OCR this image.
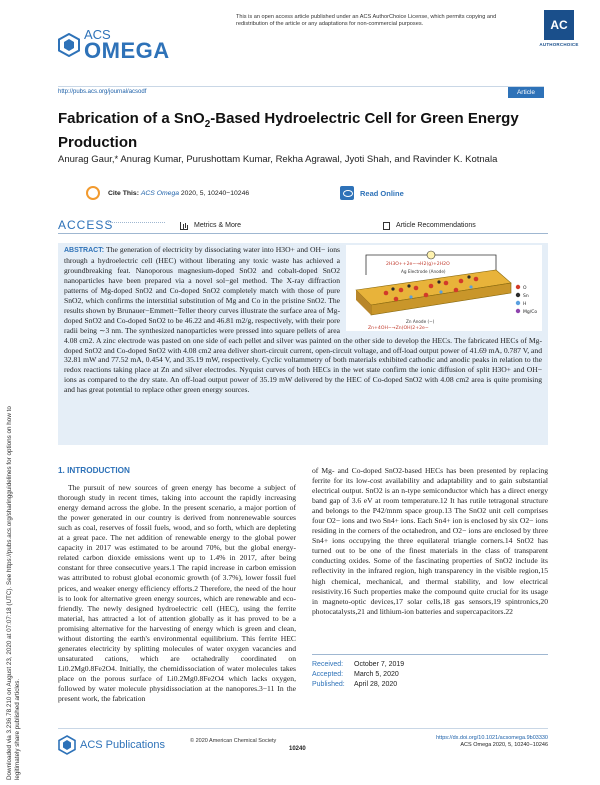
This is an open access article published under an ACS AuthorChoice License, which permits copying and redistribution of the article or any adaptations for non-commercial purposes.	AC
AUTHORCHOICE
ACS
OMEGA
http://pubs.acs.org/journal/acsodf	Article
Fabrication of a SnO$_2$-Based Hydroelectric Cell for Green Energy Production
Anurag Gaur,* Anurag Kumar, Purushottam Kumar, Rekha Agrawal, Jyoti Shah, and Ravinder K. Kotnala
Cite This: ACS Omega 2020, 5, 10240−10246	Read Online
ACCESS	Metrics & More	Article Recommendations
Downloaded via 3.236.78.210 on August 23, 2020 at 07:07:18 (UTC). See https://pubs.acs.org/sharingguidelines for options on how to legitimately share published articles.
2H3O++2e−→H2(g)+2H2O
Ag Electrode (Anode)
Zn Anode (−)
Zn+4OH−→Zn(OH)2+2e−
O
Sn
H
Mg/Co
ABSTRACT: The generation of electricity by dissociating water into H3O+ and OH− ions through a hydroelectric cell (HEC) without liberating any toxic waste has achieved a groundbreaking feat. Nanoporous magnesium-doped SnO2 and cobalt-doped SnO2 nanoparticles have been prepared via a novel sol−gel method. The X-ray diffraction patterns of Mg-doped SnO2 and Co-doped SnO2 completely match with those of pure SnO2, which confirms the interstitial substitution of Mg and Co in the pristine SnO2. The results shown by Brunauer−Emmett−Teller theory curves illustrate the surface area of Mg-doped SnO2 and Co-doped SnO2 to be 46.22 and 46.81 m2/g, respectively, with their pore radii being ∼3 nm. The synthesized nanoparticles were pressed into square pellets of area 4.08 cm2. A zinc electrode was pasted on one side of each pellet and silver was painted on the other side to develop the HECs. The fabricated HECs of Mg-doped SnO2 and Co-doped SnO2 with 4.08 cm2 area deliver short-circuit current, open-circuit voltage, and off-load output power of 41.69 mA, 0.787 V, and 32.81 mW and 77.52 mA, 0.454 V, and 35.19 mW, respectively. Cyclic voltammetry of both materials exhibited cathodic and anodic peaks in relation to the redox reactions taking place at Zn and silver electrodes. Nyquist curves of both HECs in the wet state confirm the ionic diffusion of split H3O+ and OH− ions as compared to the dry state. An off-load output power of 35.19 mW delivered by the HEC of Co-doped SnO2 with 4.08 cm2 area is quite promising and has great potential to replace other green energy sources.
1. INTRODUCTION

The pursuit of new sources of green energy has become a subject of thorough study in recent times, taking into account the rapidly increasing energy demand across the globe. In the present scenario, a major portion of the power generated in our country is derived from nonrenewable sources such as coal, reserves of fossil fuels, wood, and so forth, which are depleting at a great pace. The net addition of renewable energy to the global power capacity in 2017 was estimated to be around 70%, but the global energy-related carbon dioxide emissions went up to 1.4% in 2017, after being constant for three consecutive years.1 The rapid increase in carbon emission was attributed to robust global economic growth (of 3.7%), lower fossil fuel prices, and weaker energy efficiency efforts.2 Therefore, the need of the hour is to look for alternative green energy sources, which are renewable and eco-friendly. The newly designed hydroelectric cell (HEC), using the ferrite material, has attracted a lot of attention globally as it has proved to be a promising alternative for the harvesting of energy which is green and clean, without distorting the earth's environmental equilibrium. This ferrite HEC generates electricity by splitting molecules of water oxygen vacancies and unsaturated cations, which are octahedrally coordinated on Li0.2Mg0.8Fe2O4. Initially, the chemidissociation of water molecules takes place on the porous surface of Li0.2Mg0.8Fe2O4 which lacks oxygen, followed by water molecule physidissociation at the nanopores.3−11 In the present work, the fabrication

of Mg- and Co-doped SnO2-based HECs has been presented by replacing ferrite for its low-cost availability and adaptability and to gain substantial electrical output. SnO2 is an n-type semiconductor which has a direct energy band gap of 3.6 eV at room temperature.12 It has rutile tetragonal structure and belongs to the P42/mnm space group.13 The SnO2 unit cell comprises four O2− ions and two Sn4+ ions. Each Sn4+ ion is enclosed by six O2− ions residing in the corners of the octahedron, and O2− ions are enclosed by three Sn4+ ions occupying the three equilateral triangle corners.14 SnO2 has turned out to be one of the finest materials in the class of transparent conducting oxides. Some of the fascinating properties of SnO2 include its reflectivity in the infrared region, high transparency in the visible region,15 high chemical, mechanical, and thermal stability, and low electrical resistivity.16 Such properties make the compound quite crucial for its usage in magneto-optic devices,17 solar cells,18 gas sensors,19 spintronics,20 photocatalysts,21 and lithium-ion batteries and supercapacitors.22

Received: October 7, 2019
Accepted: March 5, 2020
Published: April 28, 2020
ACS Publications	© 2020 American Chemical Society
10240
https://dx.doi.org/10.1021/acsomega.9b03330
ACS Omega 2020, 5, 10240−10246
